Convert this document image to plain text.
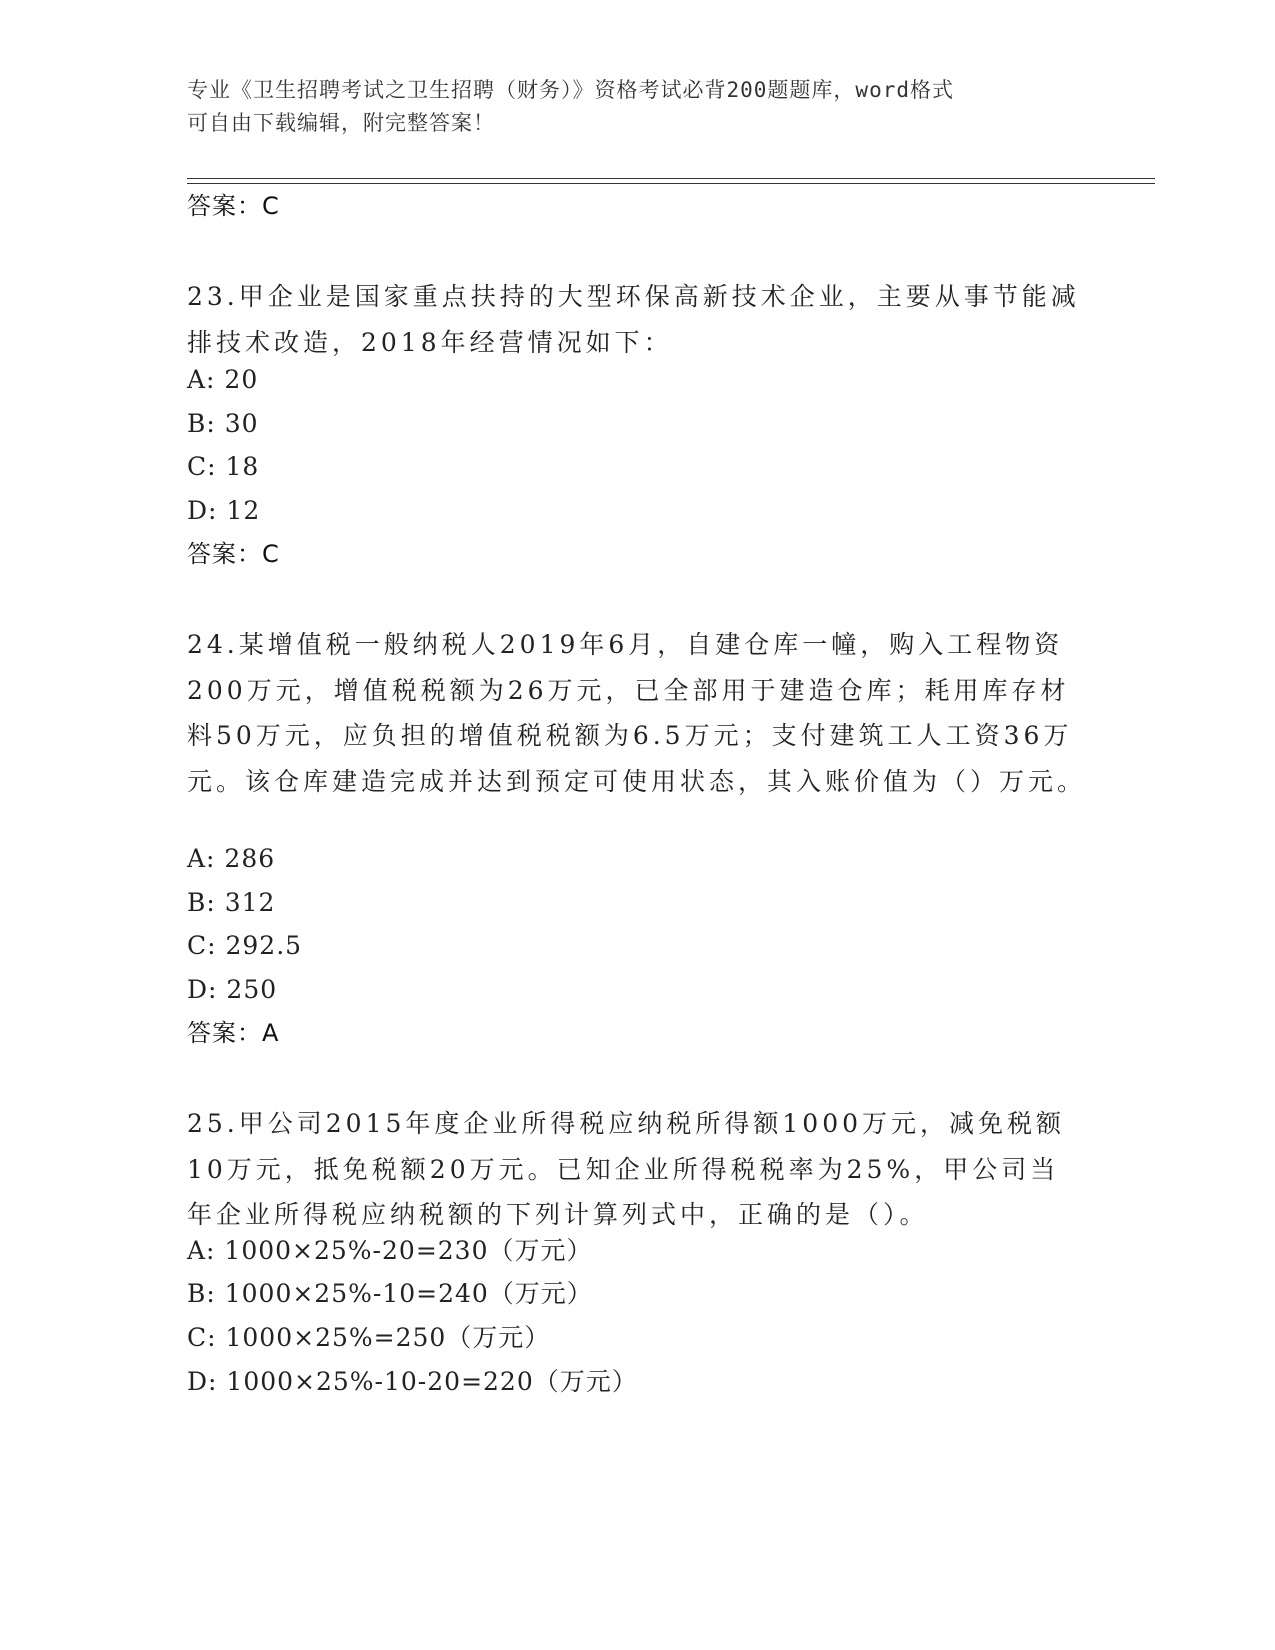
专业《卫生招聘考试之卫生招聘（财务）》资格考试必背200题题库，word格式
可自由下载编辑，附完整答案！
答案：C
23.甲企业是国家重点扶持的大型环保高新技术企业，主要从事节能减排技术改造，2018年经营情况如下：
A: 20
B: 30
C: 18
D: 12
答案：C
24.某增值税一般纳税人2019年6月，自建仓库一幢，购入工程物资200万元，增值税税额为26万元，已全部用于建造仓库；耗用库存材料50万元，应负担的增值税税额为6.5万元；支付建筑工人工资36万元。该仓库建造完成并达到预定可使用状态，其入账价值为（）万元。
A: 286
B: 312
C: 292.5
D: 250
答案：A
25.甲公司2015年度企业所得税应纳税所得额1000万元，减免税额10万元，抵免税额20万元。已知企业所得税税率为25%，甲公司当年企业所得税应纳税额的下列计算列式中，正确的是（）。
A: 1000×25%-20=230（万元）
B: 1000×25%-10=240（万元）
C: 1000×25%=250（万元）
D: 1000×25%-10-20=220（万元）
